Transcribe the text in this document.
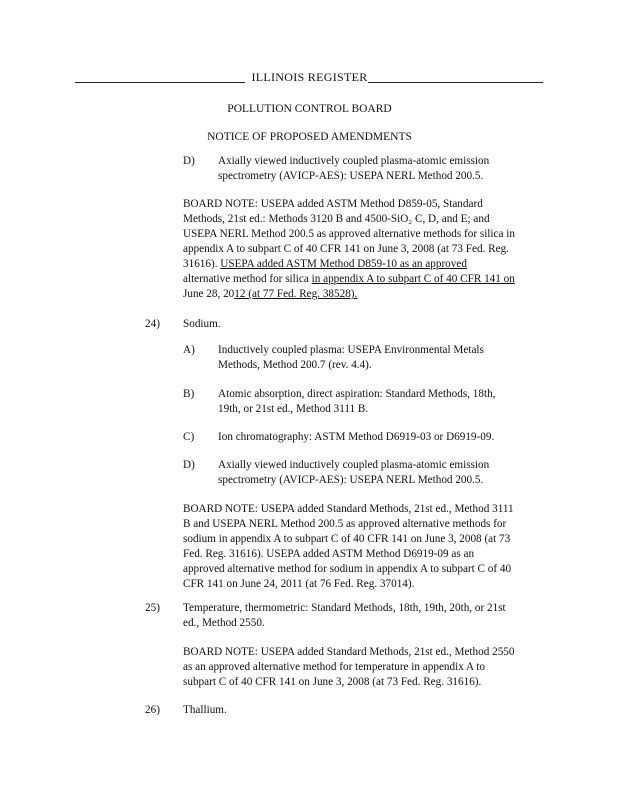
ILLINOIS REGISTER
POLLUTION CONTROL BOARD
NOTICE OF PROPOSED AMENDMENTS
D) Axially viewed inductively coupled plasma-atomic emission
spectrometry (AVICP-AES): USEPA NERL Method 200.5.
BOARD NOTE: USEPA added ASTM Method D859-05, Standard
Methods, 21st ed.: Methods 3120 B and 4500-SiO₂ C, D, and E; and
USEPA NERL Method 200.5 as approved alternative methods for silica in
appendix A to subpart C of 40 CFR 141 on June 3, 2008 (at 73 Fed. Reg.
31616). USEPA added ASTM Method D859-10 as an approved
alternative method for silica in appendix A to subpart C of 40 CFR 141 on
June 28, 2012 (at 77 Fed. Reg. 38528).
24) Sodium.
A) Inductively coupled plasma: USEPA Environmental Metals
Methods, Method 200.7 (rev. 4.4).
B) Atomic absorption, direct aspiration: Standard Methods, 18th,
19th, or 21st ed., Method 3111 B.
C) Ion chromatography: ASTM Method D6919-03 or D6919-09.
D) Axially viewed inductively coupled plasma-atomic emission
spectrometry (AVICP-AES): USEPA NERL Method 200.5.
BOARD NOTE: USEPA added Standard Methods, 21st ed., Method 3111
B and USEPA NERL Method 200.5 as approved alternative methods for
sodium in appendix A to subpart C of 40 CFR 141 on June 3, 2008 (at 73
Fed. Reg. 31616). USEPA added ASTM Method D6919-09 as an
approved alternative method for sodium in appendix A to subpart C of 40
CFR 141 on June 24, 2011 (at 76 Fed. Reg. 37014).
25) Temperature, thermometric: Standard Methods, 18th, 19th, 20th, or 21st
ed., Method 2550.
BOARD NOTE: USEPA added Standard Methods, 21st ed., Method 2550
as an approved alternative method for temperature in appendix A to
subpart C of 40 CFR 141 on June 3, 2008 (at 73 Fed. Reg. 31616).
26) Thallium.
